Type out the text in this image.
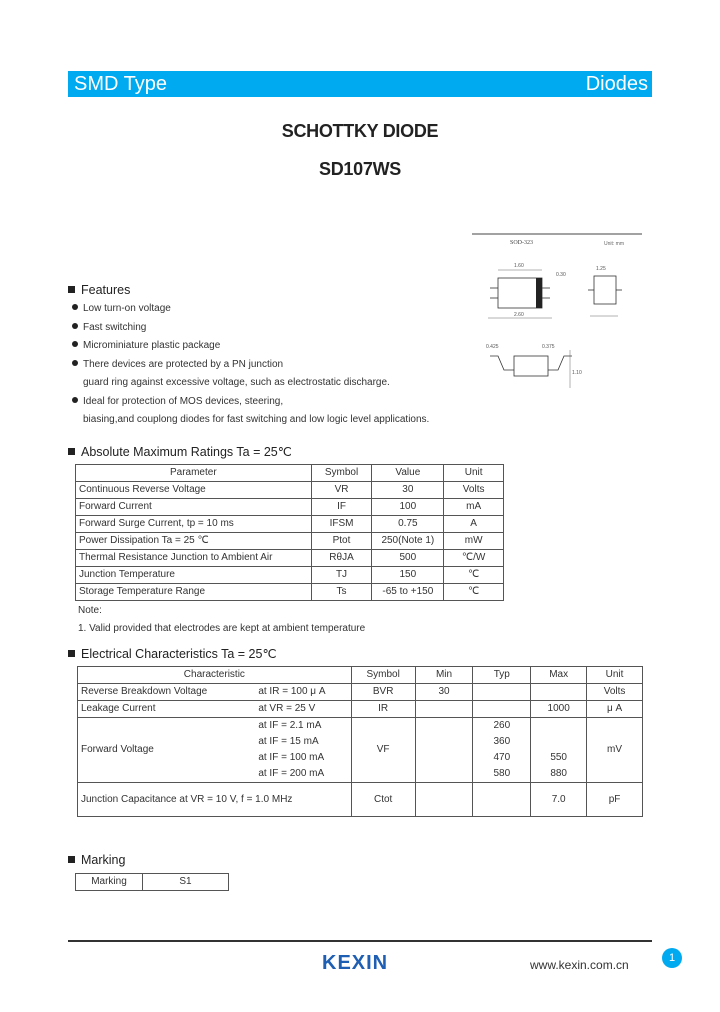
SMD Type	Diodes
SCHOTTKY DIODE
SD107WS
SOD-323	Unit: mm
1.60
2.60
0.30
1.25
0.425	0.375
1.10
Features
Low turn-on voltage
Fast switching
Microminiature plastic package
There devices are protected by a PN junction
guard ring against excessive voltage, such as electrostatic discharge.
Ideal for protection of MOS devices, steering,
biasing,and couplong diodes for fast switching and low logic level applications.
Absolute Maximum Ratings Ta = 25℃
Parameter	Symbol	Value	Unit
Continuous Reverse Voltage	VR	30	Volts
Forward Current	IF	100	mA
Forward Surge Current, tp = 10 ms	IFSM	0.75	A
Power Dissipation Ta = 25 ℃	Ptot	250(Note 1)	mW
Thermal Resistance Junction to Ambient Air	RθJA	500	℃/W
Junction Temperature	TJ	150	℃
Storage Temperature Range	Ts	-65 to +150	℃
Note:
1. Valid provided that electrodes are kept at ambient temperature
Electrical Characteristics Ta = 25℃
Characteristic		Symbol	Min	Typ	Max	Unit
Reverse Breakdown Voltage	at IR = 100 μ A	BVR	30			Volts
Leakage Current	at VR = 25 V	IR			1000	μ A
Forward Voltage	at IF = 2.1 mA	VF		260		mV
	at IF = 15 mA			360		
	at IF = 100 mA			470	550	
	at IF = 200 mA			580	880	
Junction Capacitance at VR = 10 V, f = 1.0 MHz		Ctot			7.0	pF
Marking
Marking	S1
KEXIN	www.kexin.com.cn	1
